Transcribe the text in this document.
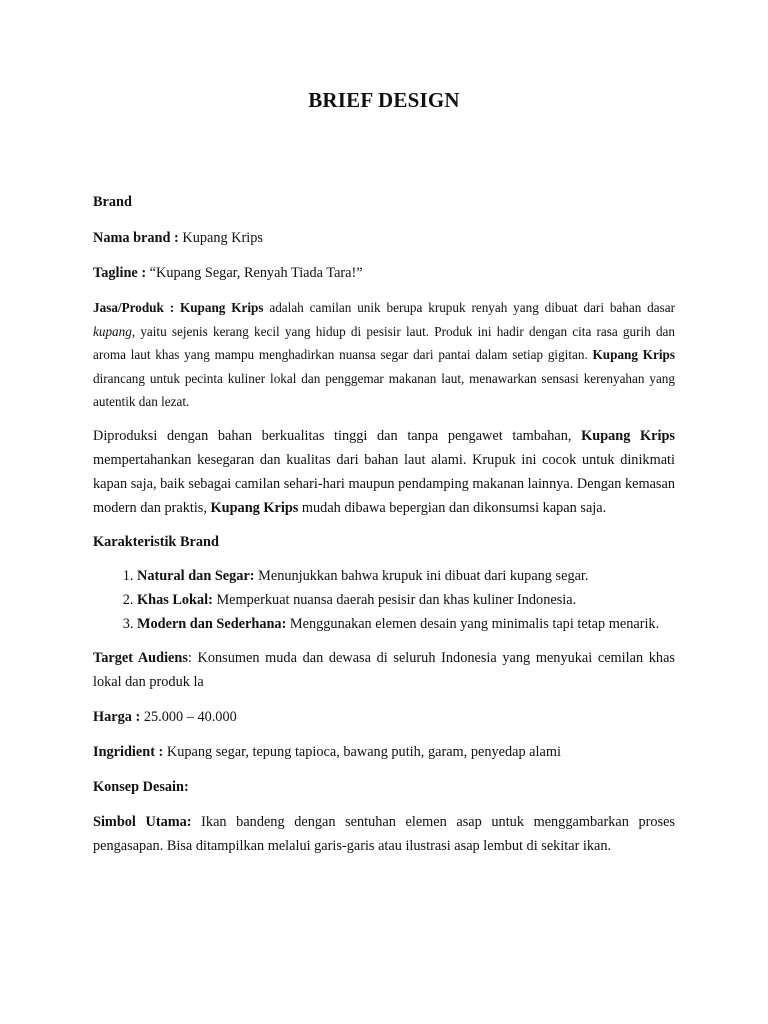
BRIEF DESIGN

Brand

Nama brand : Kupang Krips

Tagline : “Kupang Segar, Renyah Tiada Tara!”

Jasa/Produk : Kupang Krips adalah camilan unik berupa krupuk renyah yang dibuat dari bahan dasar kupang, yaitu sejenis kerang kecil yang hidup di pesisir laut. Produk ini hadir dengan cita rasa gurih dan aroma laut khas yang mampu menghadirkan nuansa segar dari pantai dalam setiap gigitan. Kupang Krips dirancang untuk pecinta kuliner lokal dan penggemar makanan laut, menawarkan sensasi kerenyahan yang autentik dan lezat.

Diproduksi dengan bahan berkualitas tinggi dan tanpa pengawet tambahan, Kupang Krips mempertahankan kesegaran dan kualitas dari bahan laut alami. Krupuk ini cocok untuk dinikmati kapan saja, baik sebagai camilan sehari-hari maupun pendamping makanan lainnya. Dengan kemasan modern dan praktis, Kupang Krips mudah dibawa bepergian dan dikonsumsi kapan saja.

Karakteristik Brand

1. Natural dan Segar: Menunjukkan bahwa krupuk ini dibuat dari kupang segar.
2. Khas Lokal: Memperkuat nuansa daerah pesisir dan khas kuliner Indonesia.
3. Modern dan Sederhana: Menggunakan elemen desain yang minimalis tapi tetap menarik.

Target Audiens: Konsumen muda dan dewasa di seluruh Indonesia yang menyukai cemilan khas lokal dan produk la

Harga : 25.000 – 40.000

Ingridient : Kupang segar, tepung tapioca, bawang putih, garam, penyedap alami

Konsep Desain:

Simbol Utama: Ikan bandeng dengan sentuhan elemen asap untuk menggambarkan proses pengasapan. Bisa ditampilkan melalui garis-garis atau ilustrasi asap lembut di sekitar ikan.
